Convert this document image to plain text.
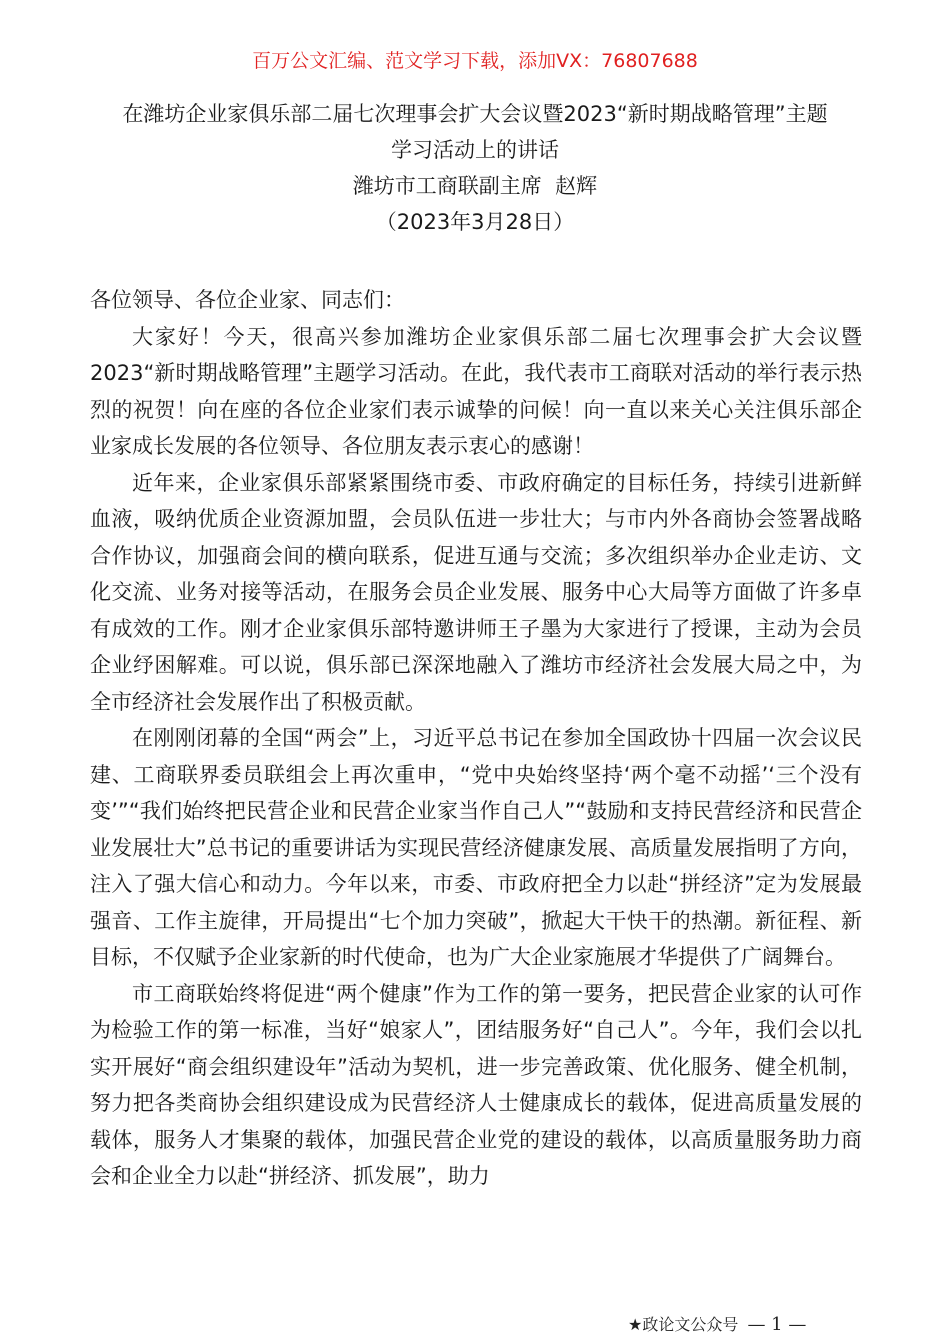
百万公文汇编、范文学习下载，添加VX：76807688
在潍坊企业家俱乐部二届七次理事会扩大会议暨2023“新时期战略管理”主题
学习活动上的讲话
潍坊市工商联副主席  赵辉
（2023年3月28日）

各位领导、各位企业家、同志们：

大家好！今天，很高兴参加潍坊企业家俱乐部二届七次理事会扩大会议暨2023“新时期战略管理”主题学习活动。在此，我代表市工商联对活动的举行表示热烈的祝贺！向在座的各位企业家们表示诚挚的问候！向一直以来关心关注俱乐部企业家成长发展的各位领导、各位朋友表示衷心的感谢！

近年来，企业家俱乐部紧紧围绕市委、市政府确定的目标任务，持续引进新鲜血液，吸纳优质企业资源加盟，会员队伍进一步壮大；与市内外各商协会签署战略合作协议，加强商会间的横向联系，促进互通与交流；多次组织举办企业走访、文化交流、业务对接等活动，在服务会员企业发展、服务中心大局等方面做了许多卓有成效的工作。刚才企业家俱乐部特邀讲师王子墨为大家进行了授课，主动为会员企业纾困解难。可以说，俱乐部已深深地融入了潍坊市经济社会发展大局之中，为全市经济社会发展作出了积极贡献。

在刚刚闭幕的全国“两会”上，习近平总书记在参加全国政协十四届一次会议民建、工商联界委员联组会上再次重申，“党中央始终坚持‘两个毫不动摇’‘三个没有变’”“我们始终把民营企业和民营企业家当作自己人”“鼓励和支持民营经济和民营企业发展壮大”总书记的重要讲话为实现民营经济健康发展、高质量发展指明了方向，注入了强大信心和动力。今年以来，市委、市政府把全力以赴“拼经济”定为发展最强音、工作主旋律，开局提出“七个加力突破”，掀起大干快干的热潮。新征程、新目标，不仅赋予企业家新的时代使命，也为广大企业家施展才华提供了广阔舞台。

市工商联始终将促进“两个健康”作为工作的第一要务，把民营企业家的认可作为检验工作的第一标准，当好“娘家人”，团结服务好“自己人”。今年，我们会以扎实开展好“商会组织建设年”活动为契机，进一步完善政策、优化服务、健全机制，努力把各类商协会组织建设成为民营经济人士健康成长的载体，促进高质量发展的载体，服务人才集聚的载体，加强民营企业党的建设的载体，以高质量服务助力商会和企业全力以赴“拼经济、抓发展”，助力

★政论文公众号 — 1 —
